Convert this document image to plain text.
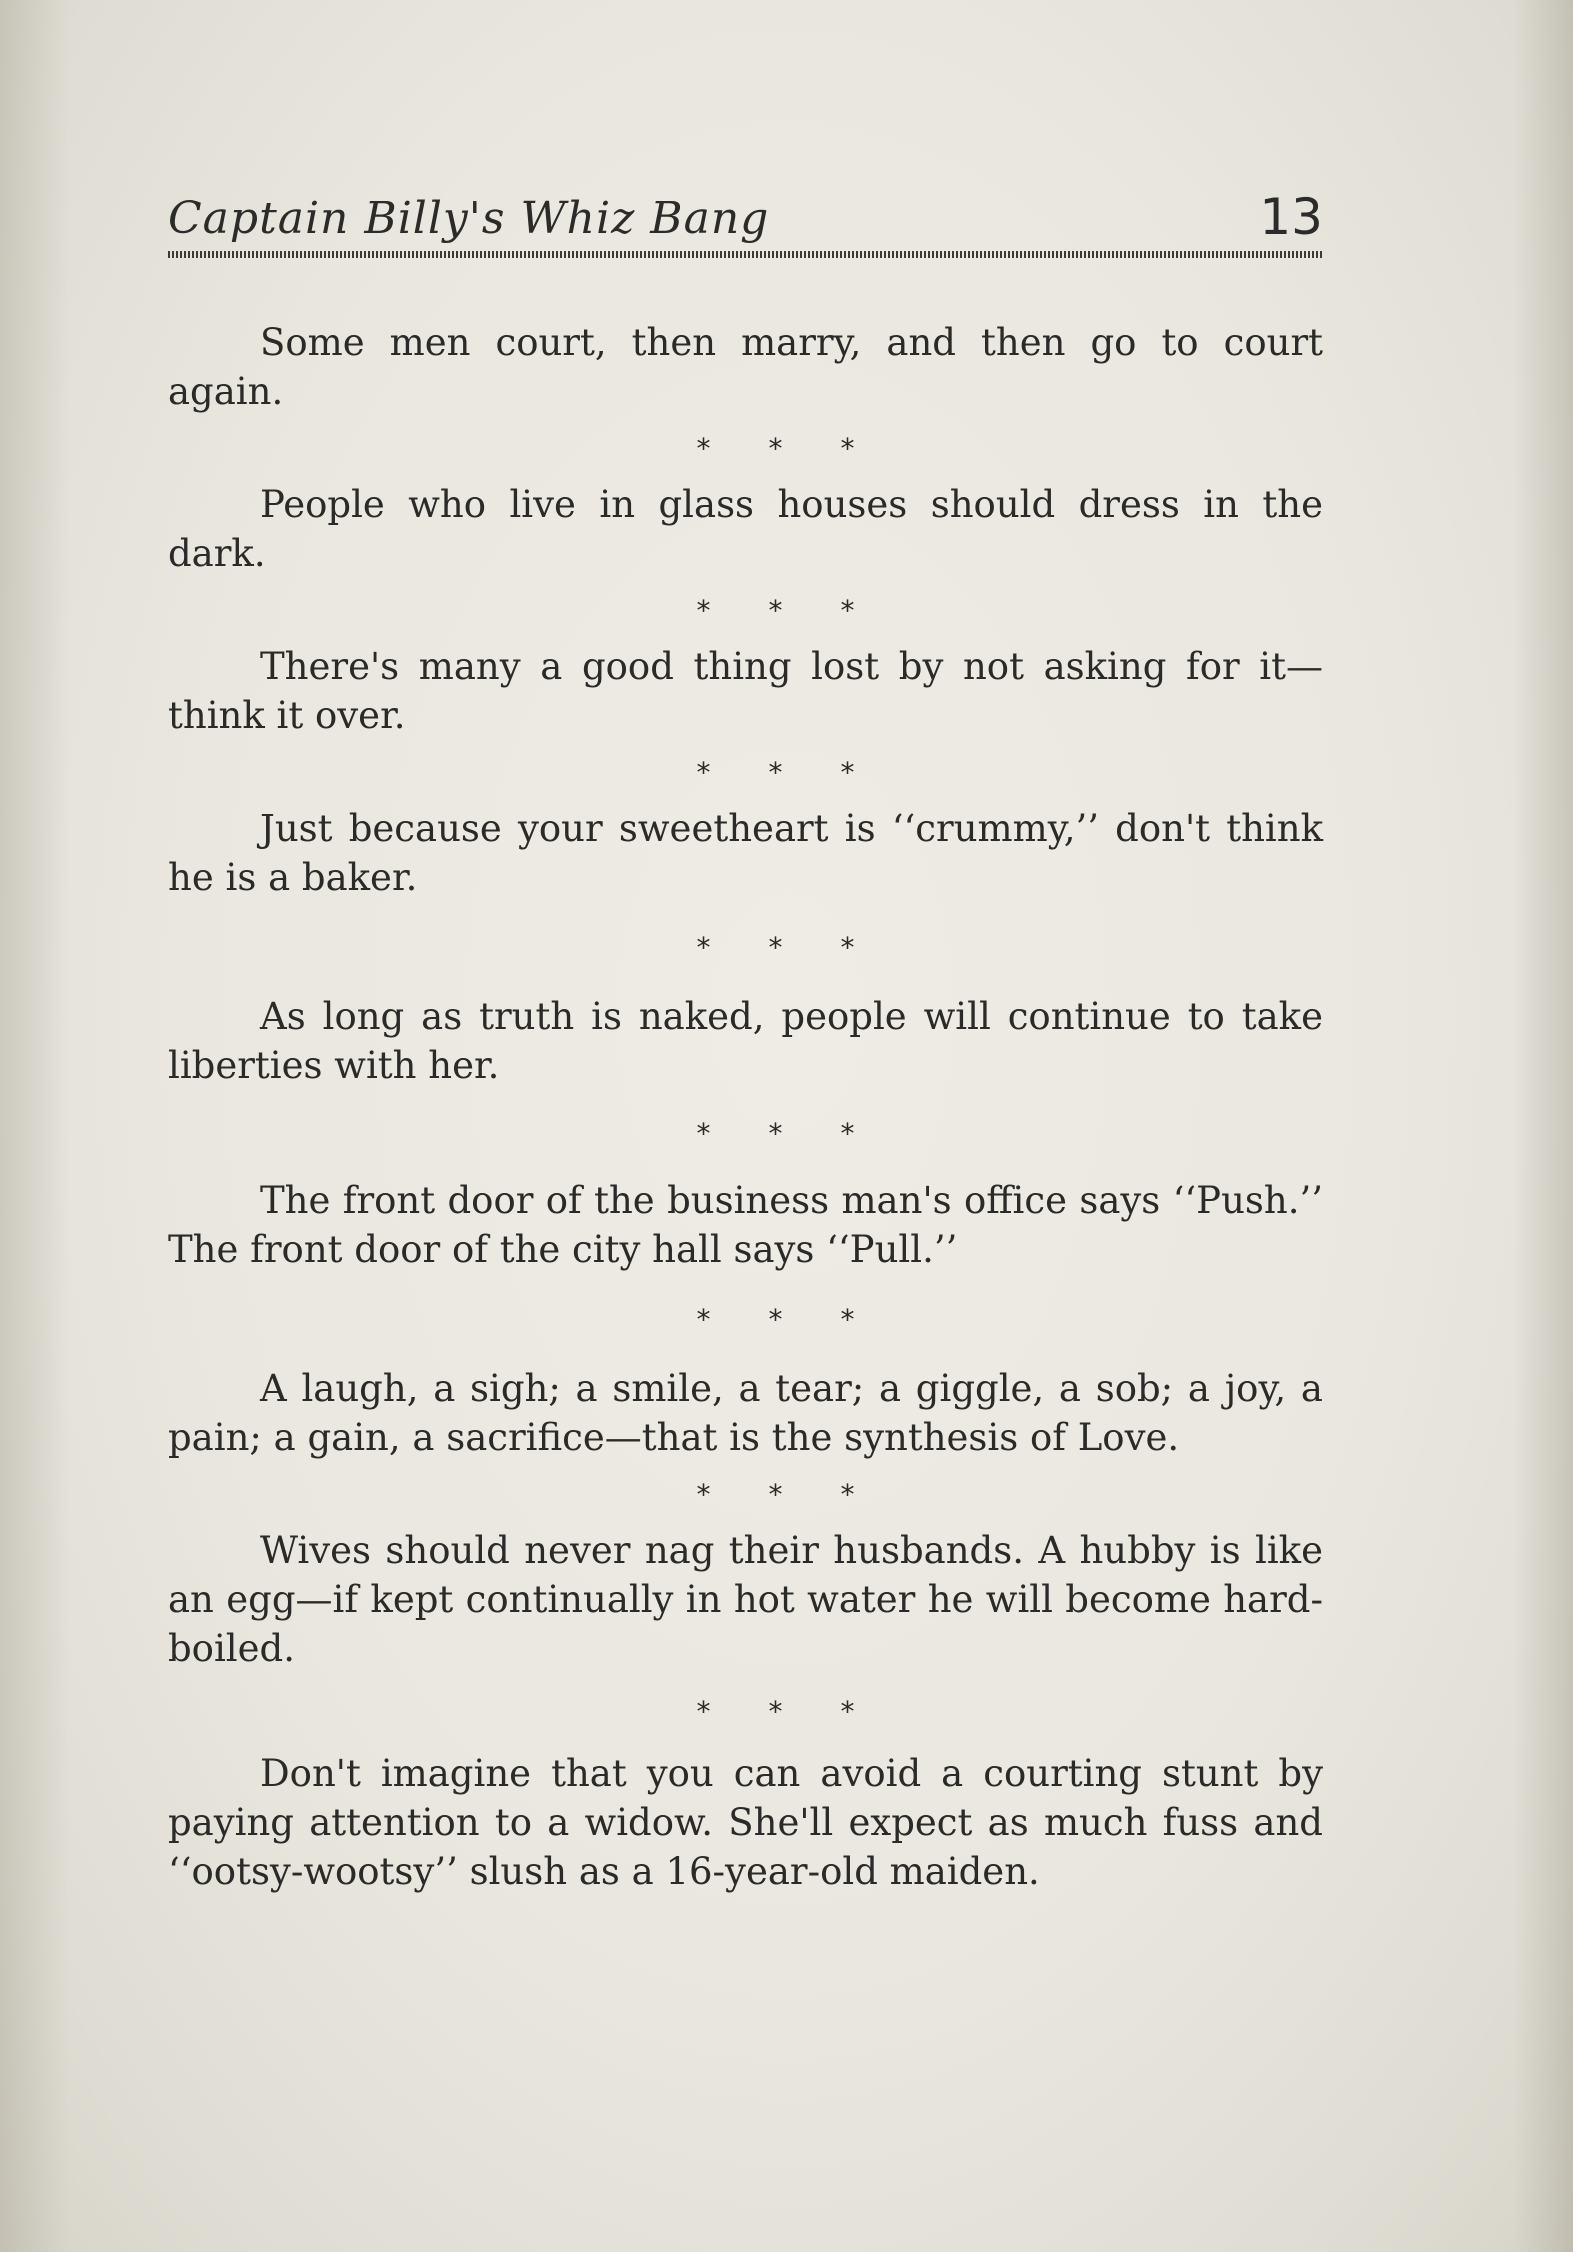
Captain Billy's Whiz Bang	13

Some men court, then marry, and then go to court again.

* * *

People who live in glass houses should dress in the dark.

* * *

There's many a good thing lost by not asking for it—think it over.

* * *

Just because your sweetheart is ‘‘crummy,’’ don't think he is a baker.

* * *

As long as truth is naked, people will continue to take liberties with her.

* * *

The front door of the business man's office says ‘‘Push.’’ The front door of the city hall says ‘‘Pull.’’

* * *

A laugh, a sigh; a smile, a tear; a giggle, a sob; a joy, a pain; a gain, a sacrifice—that is the synthesis of Love.

* * *

Wives should never nag their husbands. A hubby is like an egg—if kept continually in hot water he will become hard-boiled.

* * *

Don't imagine that you can avoid a courting stunt by paying attention to a widow. She'll expect as much fuss and ‘‘ootsy-wootsy’’ slush as a 16-year-old maiden.
